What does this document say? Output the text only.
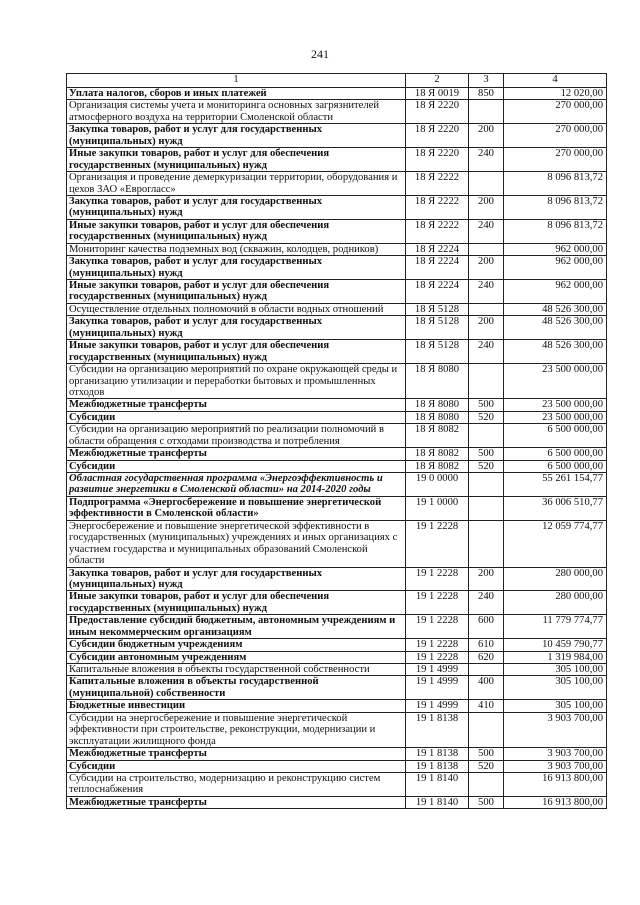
241
1	2	3	4
Уплата налогов, сборов и иных платежей	18 Я 0019	850	12 020,00
Организация системы учета и мониторинга основных загрязнителей атмосферного воздуха на территории Смоленской области	18 Я 2220		270 000,00
Закупка товаров, работ и услуг для государственных (муниципальных) нужд	18 Я 2220	200	270 000,00
Иные закупки товаров, работ и услуг для обеспечения государственных (муниципальных) нужд	18 Я 2220	240	270 000,00
Организация и проведение демеркуризации территории, оборудования и цехов ЗАО «Еврогласс»	18 Я 2222		8 096 813,72
Закупка товаров, работ и услуг для государственных (муниципальных) нужд	18 Я 2222	200	8 096 813,72
Иные закупки товаров, работ и услуг для обеспечения государственных (муниципальных) нужд	18 Я 2222	240	8 096 813,72
Мониторинг качества подземных вод (скважин, колодцев, родников)	18 Я 2224		962 000,00
Закупка товаров, работ и услуг для государственных (муниципальных) нужд	18 Я 2224	200	962 000,00
Иные закупки товаров, работ и услуг для обеспечения государственных (муниципальных) нужд	18 Я 2224	240	962 000,00
Осуществление отдельных полномочий в области водных отношений	18 Я 5128		48 526 300,00
Закупка товаров, работ и услуг для государственных (муниципальных) нужд	18 Я 5128	200	48 526 300,00
Иные закупки товаров, работ и услуг для обеспечения государственных (муниципальных) нужд	18 Я 5128	240	48 526 300,00
Субсидии на организацию мероприятий по охране окружающей среды и организацию утилизации и переработки бытовых и промышленных отходов	18 Я 8080		23 500 000,00
Межбюджетные трансферты	18 Я 8080	500	23 500 000,00
Субсидии	18 Я 8080	520	23 500 000,00
Субсидии на организацию мероприятий по реализации полномочий в области обращения с отходами производства и потребления	18 Я 8082		6 500 000,00
Межбюджетные трансферты	18 Я 8082	500	6 500 000,00
Субсидии	18 Я 8082	520	6 500 000,00
Областная государственная программа «Энергоэффективность и развитие энергетики в Смоленской области» на 2014-2020 годы	19 0 0000		55 261 154,77
Подпрограмма «Энергосбережение и повышение энергетической эффективности в Смоленской области»	19 1 0000		36 006 510,77
Энергосбережение и повышение энергетической эффективности в государственных (муниципальных) учреждениях и иных организациях с участием государства и муниципальных образований Смоленской области	19 1 2228		12 059 774,77
Закупка товаров, работ и услуг для государственных (муниципальных) нужд	19 1 2228	200	280 000,00
Иные закупки товаров, работ и услуг для обеспечения государственных (муниципальных) нужд	19 1 2228	240	280 000,00
Предоставление субсидий бюджетным, автономным учреждениям и иным некоммерческим организациям	19 1 2228	600	11 779 774,77
Субсидии бюджетным учреждениям	19 1 2228	610	10 459 790,77
Субсидии автономным учреждениям	19 1 2228	620	1 319 984,00
Капитальные вложения в объекты государственной собственности	19 1 4999		305 100,00
Капитальные вложения в объекты государственной (муниципальной) собственности	19 1 4999	400	305 100,00
Бюджетные инвестиции	19 1 4999	410	305 100,00
Субсидии на энергосбережение и повышение энергетической эффективности при строительстве, реконструкции, модернизации и эксплуатации жилищного фонда	19 1 8138		3 903 700,00
Межбюджетные трансферты	19 1 8138	500	3 903 700,00
Субсидии	19 1 8138	520	3 903 700,00
Субсидии на строительство, модернизацию и реконструкцию систем теплоснабжения	19 1 8140		16 913 800,00
Межбюджетные трансферты	19 1 8140	500	16 913 800,00
